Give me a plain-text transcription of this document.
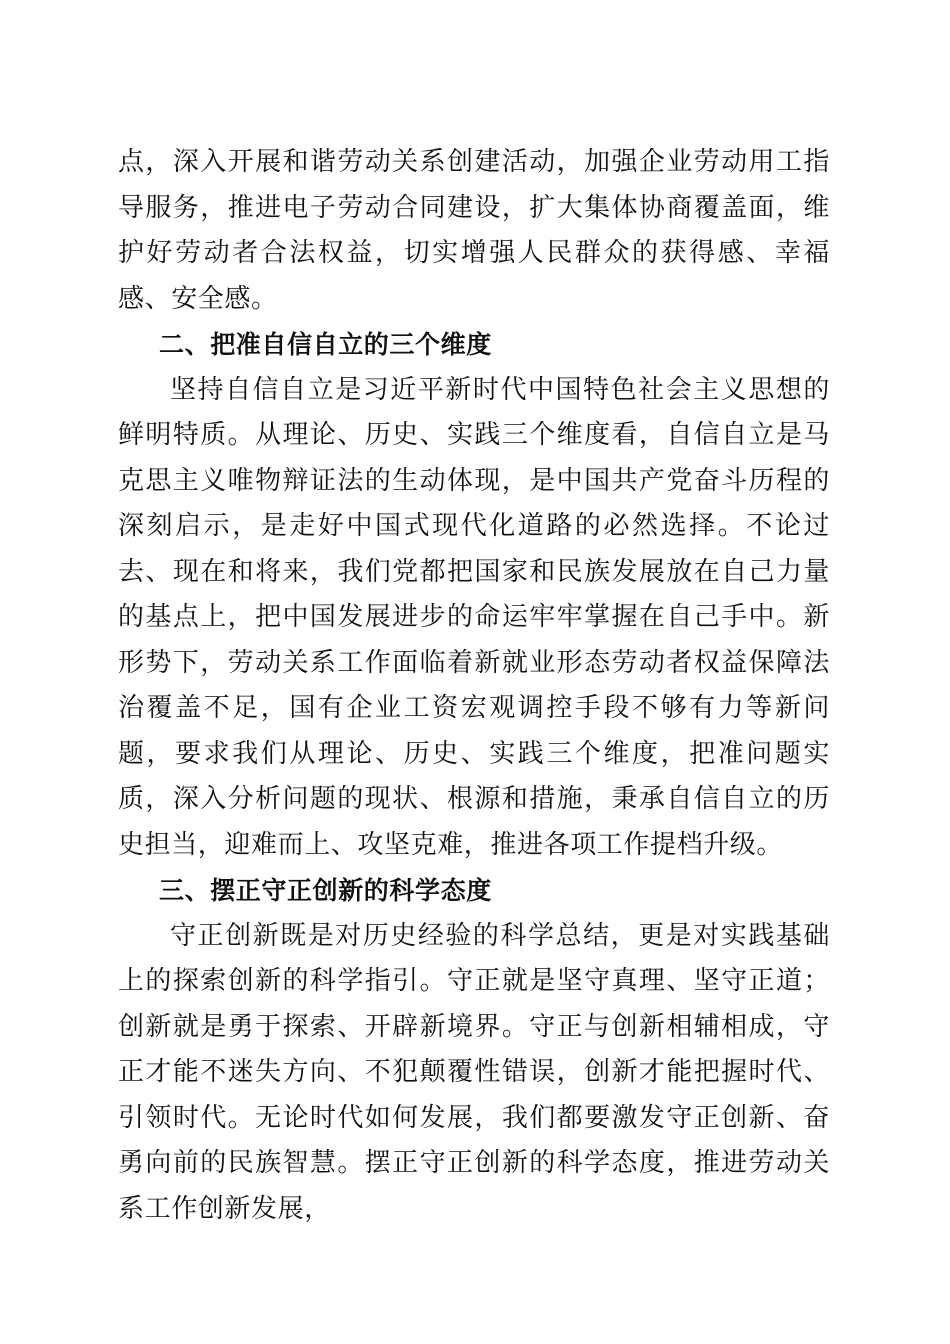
点，深入开展和谐劳动关系创建活动，加强企业劳动用工指导服务，推进电子劳动合同建设，扩大集体协商覆盖面，维护好劳动者合法权益，切实增强人民群众的获得感、幸福感、安全感。

二、把准自信自立的三个维度

坚持自信自立是习近平新时代中国特色社会主义思想的鲜明特质。从理论、历史、实践三个维度看，自信自立是马克思主义唯物辩证法的生动体现，是中国共产党奋斗历程的深刻启示，是走好中国式现代化道路的必然选择。不论过去、现在和将来，我们党都把国家和民族发展放在自己力量的基点上，把中国发展进步的命运牢牢掌握在自己手中。新形势下，劳动关系工作面临着新就业形态劳动者权益保障法治覆盖不足，国有企业工资宏观调控手段不够有力等新问题，要求我们从理论、历史、实践三个维度，把准问题实质，深入分析问题的现状、根源和措施，秉承自信自立的历史担当，迎难而上、攻坚克难，推进各项工作提档升级。

三、摆正守正创新的科学态度

守正创新既是对历史经验的科学总结，更是对实践基础上的探索创新的科学指引。守正就是坚守真理、坚守正道；创新就是勇于探索、开辟新境界。守正与创新相辅相成，守正才能不迷失方向、不犯颠覆性错误，创新才能把握时代、引领时代。无论时代如何发展，我们都要激发守正创新、奋勇向前的民族智慧。摆正守正创新的科学态度，推进劳动关系工作创新发展，
